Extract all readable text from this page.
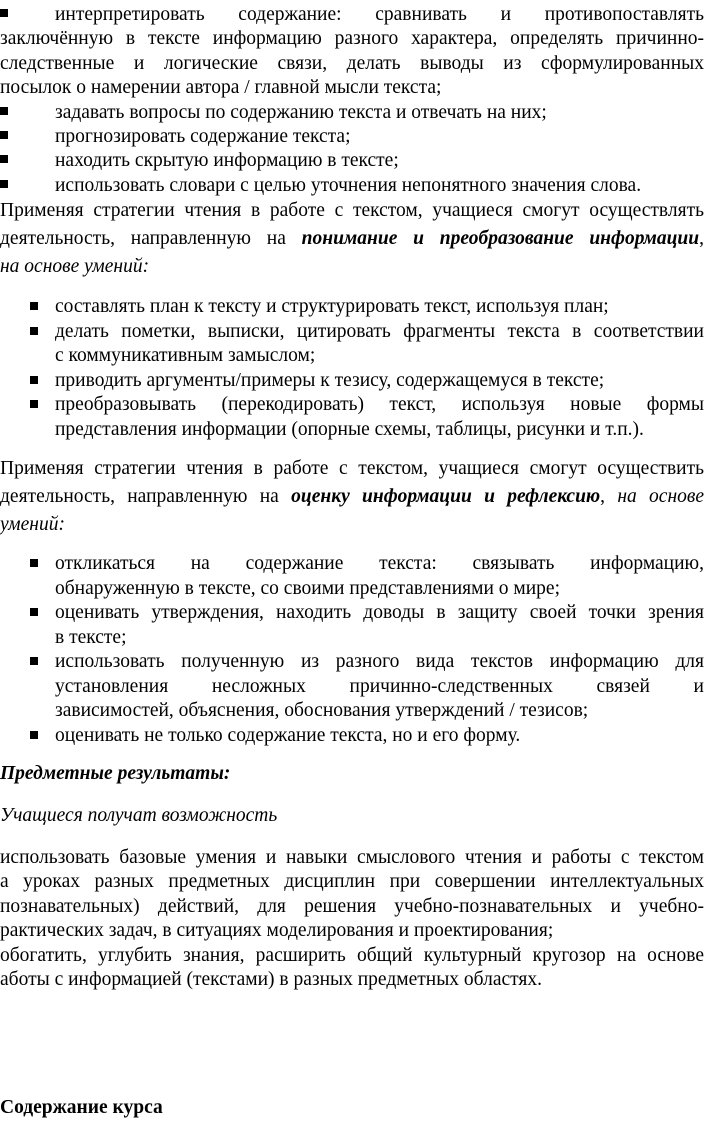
интерпретировать содержание: сравнивать и противопоставлять
заключённую в тексте информацию разного характера, определять причинно-
следственные и логические связи, делать выводы из сформулированных
посылок о намерении автора / главной мысли текста;
задавать вопросы по содержанию текста и отвечать на них;
прогнозировать содержание текста;
находить скрытую информацию в тексте;
использовать словари с целью уточнения непонятного значения слова.
Применяя стратегии чтения в работе с текстом, учащиеся смогут осуществлять
деятельность, направленную на понимание и преобразование информации,
на основе умений:
составлять план к тексту и структурировать текст, используя план;
делать пометки, выписки, цитировать фрагменты текста в соответствии
с коммуникативным замыслом;
приводить аргументы/примеры к тезису, содержащемуся в тексте;
преобразовывать (перекодировать) текст, используя новые формы
представления информации (опорные схемы, таблицы, рисунки и т.п.).
Применяя стратегии чтения в работе с текстом, учащиеся смогут осуществить
деятельность, направленную на оценку информации и рефлексию, на основе
умений:
откликаться на содержание текста: связывать информацию,
обнаруженную в тексте, со своими представлениями о мире;
оценивать утверждения, находить доводы в защиту своей точки зрения
в тексте;
использовать полученную из разного вида текстов информацию для
установления несложных причинно-следственных связей и
зависимостей, объяснения, обоснования утверждений / тезисов;
оценивать не только содержание текста, но и его форму.
Предметные результаты:
Учащиеся получат возможность
использовать базовые умения и навыки смыслового чтения и работы с текстом
а уроках разных предметных дисциплин при совершении интеллектуальных
познавательных) действий, для решения учебно-познавательных и учебно-
рактических задач, в ситуациях моделирования и проектирования;
обогатить, углубить знания, расширить общий культурный кругозор на основе
аботы с информацией (текстами) в разных предметных областях.
Содержание курса
